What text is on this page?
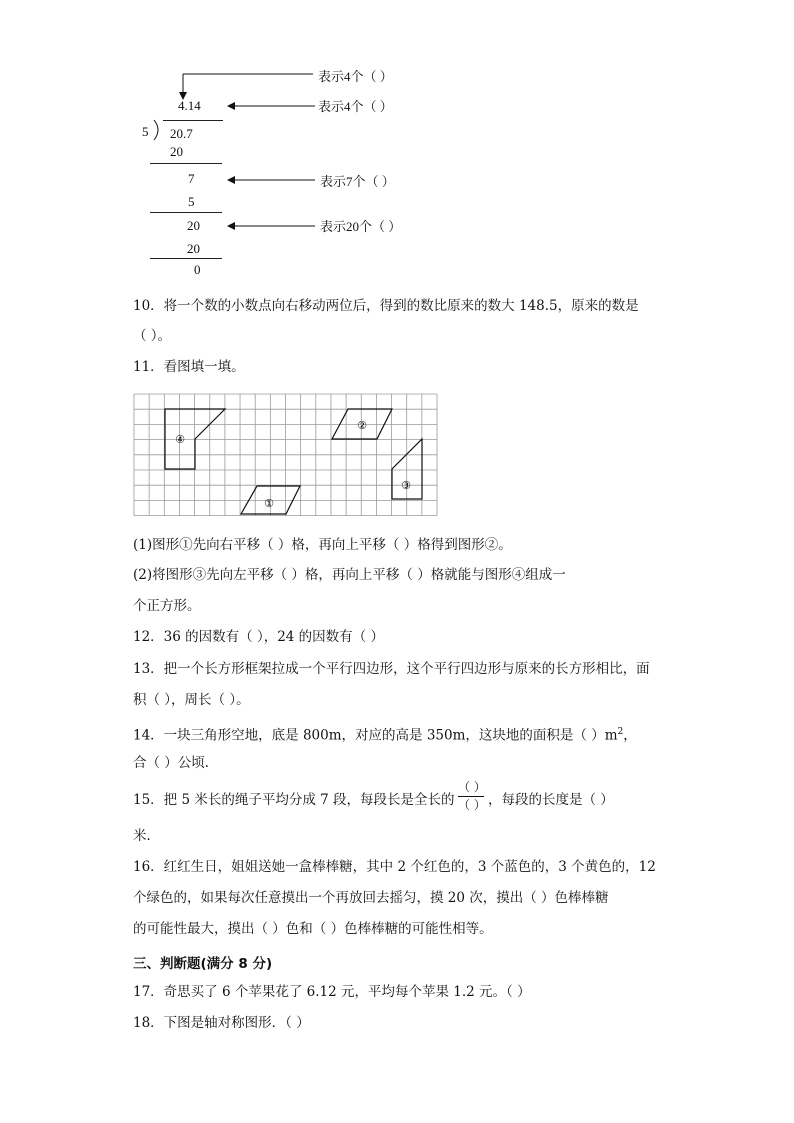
表示4个（ ）
4.14	表示4个（ ）
5 20.7
20
7	表示7个（ ）
5
20	表示20个（ ）
20
0
10．将一个数的小数点向右移动两位后，得到的数比原来的数大 148.5，原来的数是
（ ）。
11．看图填一填。
④
②
③
①
(1)图形①先向右平移（ ）格，再向上平移（ ）格得到图形②。
(2)将图形③先向左平移（ ）格，再向上平移（ ）格就能与图形④组成一
个正方形。
12．36 的因数有（ ），24 的因数有（ ）
13．把一个长方形框架拉成一个平行四边形，这个平行四边形与原来的长方形相比，面
积（ ），周长（ ）。
14．一块三角形空地，底是 800m，对应的高是 350m，这块地的面积是（ ）$m^2$，
合（ ）公顷．
15．把 5 米长的绳子平均分成 7 段，每段长是全长的
（ ）
（ ） ，每段的长度是（ ）
米．
16．红红生日，姐姐送她一盒棒棒糖，其中 2 个红色的，3 个蓝色的，3 个黄色的，12
个绿色的，如果每次任意摸出一个再放回去摇匀，摸 20 次，摸出（ ）色棒棒糖
的可能性最大，摸出（ ）色和（ ）色棒棒糖的可能性相等。
三、判断题(满分 8 分)
17．奇思买了 6 个苹果花了 6.12 元，平均每个苹果 1.2 元。（ ）
18．下图是轴对称图形．（ ）
